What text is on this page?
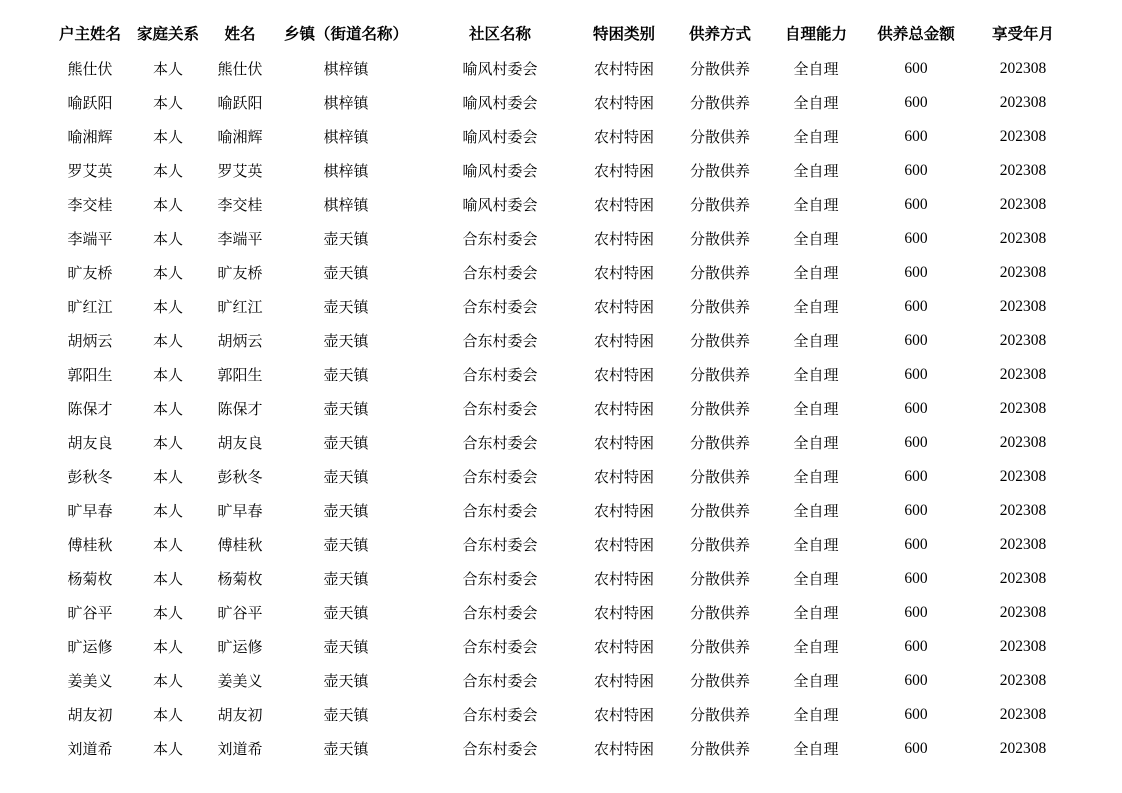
户主姓名	家庭关系	姓名	乡镇（街道名称）	社区名称	特困类别	供养方式	自理能力	供养总金额	享受年月
熊仕伏	本人	熊仕伏	棋梓镇	喻风村委会	农村特困	分散供养	全自理	600	202308
喻跃阳	本人	喻跃阳	棋梓镇	喻风村委会	农村特困	分散供养	全自理	600	202308
喻湘辉	本人	喻湘辉	棋梓镇	喻风村委会	农村特困	分散供养	全自理	600	202308
罗艾英	本人	罗艾英	棋梓镇	喻风村委会	农村特困	分散供养	全自理	600	202308
李交桂	本人	李交桂	棋梓镇	喻风村委会	农村特困	分散供养	全自理	600	202308
李端平	本人	李端平	壶天镇	合东村委会	农村特困	分散供养	全自理	600	202308
旷友桥	本人	旷友桥	壶天镇	合东村委会	农村特困	分散供养	全自理	600	202308
旷红江	本人	旷红江	壶天镇	合东村委会	农村特困	分散供养	全自理	600	202308
胡炳云	本人	胡炳云	壶天镇	合东村委会	农村特困	分散供养	全自理	600	202308
郭阳生	本人	郭阳生	壶天镇	合东村委会	农村特困	分散供养	全自理	600	202308
陈保才	本人	陈保才	壶天镇	合东村委会	农村特困	分散供养	全自理	600	202308
胡友良	本人	胡友良	壶天镇	合东村委会	农村特困	分散供养	全自理	600	202308
彭秋冬	本人	彭秋冬	壶天镇	合东村委会	农村特困	分散供养	全自理	600	202308
旷早春	本人	旷早春	壶天镇	合东村委会	农村特困	分散供养	全自理	600	202308
傅桂秋	本人	傅桂秋	壶天镇	合东村委会	农村特困	分散供养	全自理	600	202308
杨菊枚	本人	杨菊枚	壶天镇	合东村委会	农村特困	分散供养	全自理	600	202308
旷谷平	本人	旷谷平	壶天镇	合东村委会	农村特困	分散供养	全自理	600	202308
旷运修	本人	旷运修	壶天镇	合东村委会	农村特困	分散供养	全自理	600	202308
姜美义	本人	姜美义	壶天镇	合东村委会	农村特困	分散供养	全自理	600	202308
胡友初	本人	胡友初	壶天镇	合东村委会	农村特困	分散供养	全自理	600	202308
刘道希	本人	刘道希	壶天镇	合东村委会	农村特困	分散供养	全自理	600	202308
